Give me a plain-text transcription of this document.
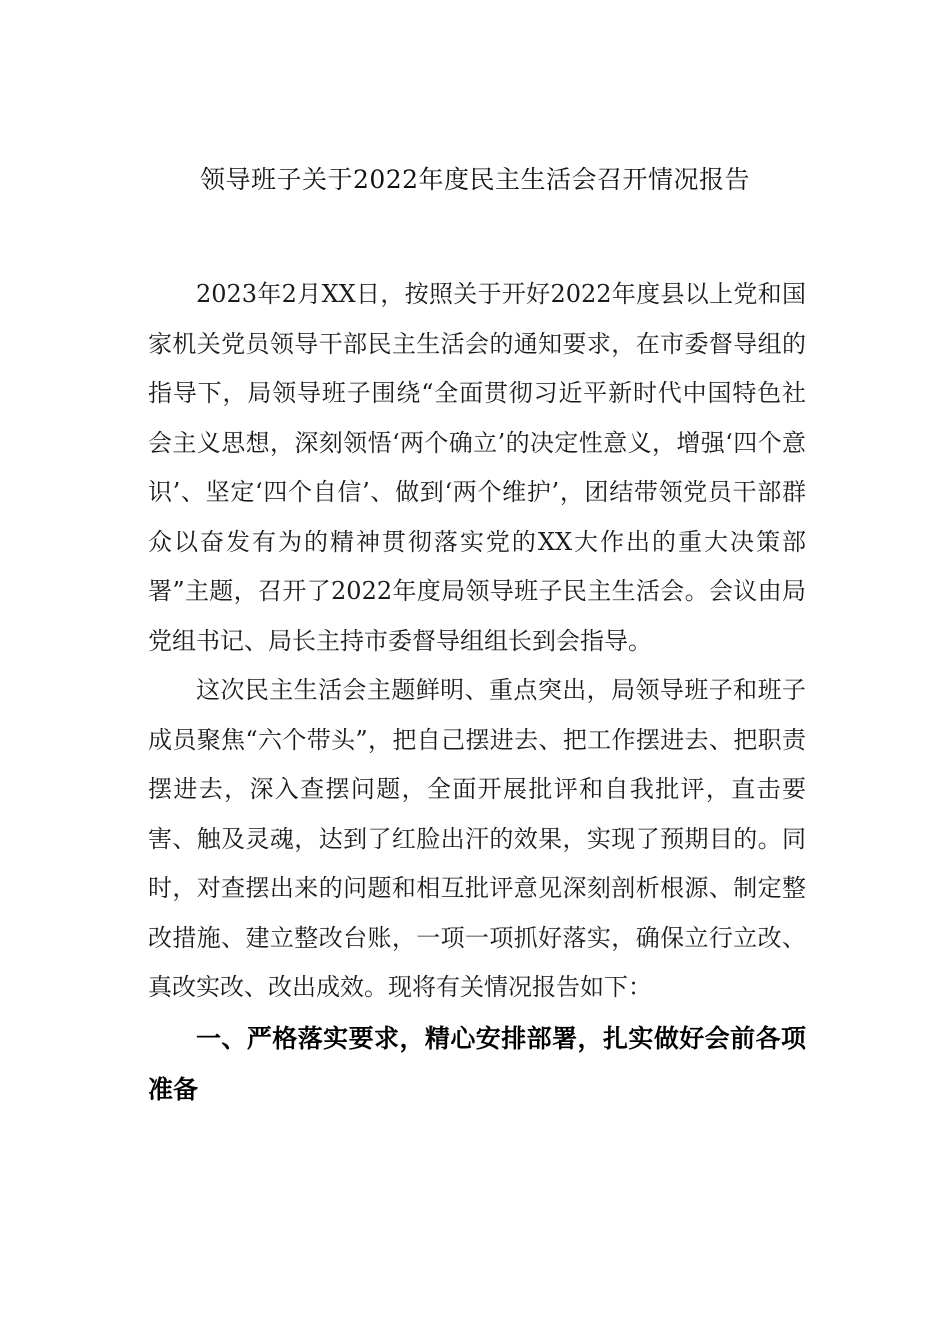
领导班子关于2022年度民主生活会召开情况报告

2023年2月XX日，按照关于开好2022年度县以上党和国家机关党员领导干部民主生活会的通知要求，在市委督导组的指导下，局领导班子围绕“全面贯彻习近平新时代中国特色社会主义思想，深刻领悟‘两个确立’的决定性意义，增强‘四个意识’、坚定‘四个自信’、做到‘两个维护’，团结带领党员干部群众以奋发有为的精神贯彻落实党的XX大作出的重大决策部署”主题，召开了2022年度局领导班子民主生活会。会议由局党组书记、局长主持市委督导组组长到会指导。

这次民主生活会主题鲜明、重点突出，局领导班子和班子成员聚焦“六个带头”，把自己摆进去、把工作摆进去、把职责摆进去，深入查摆问题，全面开展批评和自我批评，直击要害、触及灵魂，达到了红脸出汗的效果，实现了预期目的。同时，对查摆出来的问题和相互批评意见深刻剖析根源、制定整改措施、建立整改台账，一项一项抓好落实，确保立行立改、真改实改、改出成效。现将有关情况报告如下：

一、严格落实要求，精心安排部署，扎实做好会前各项准备
